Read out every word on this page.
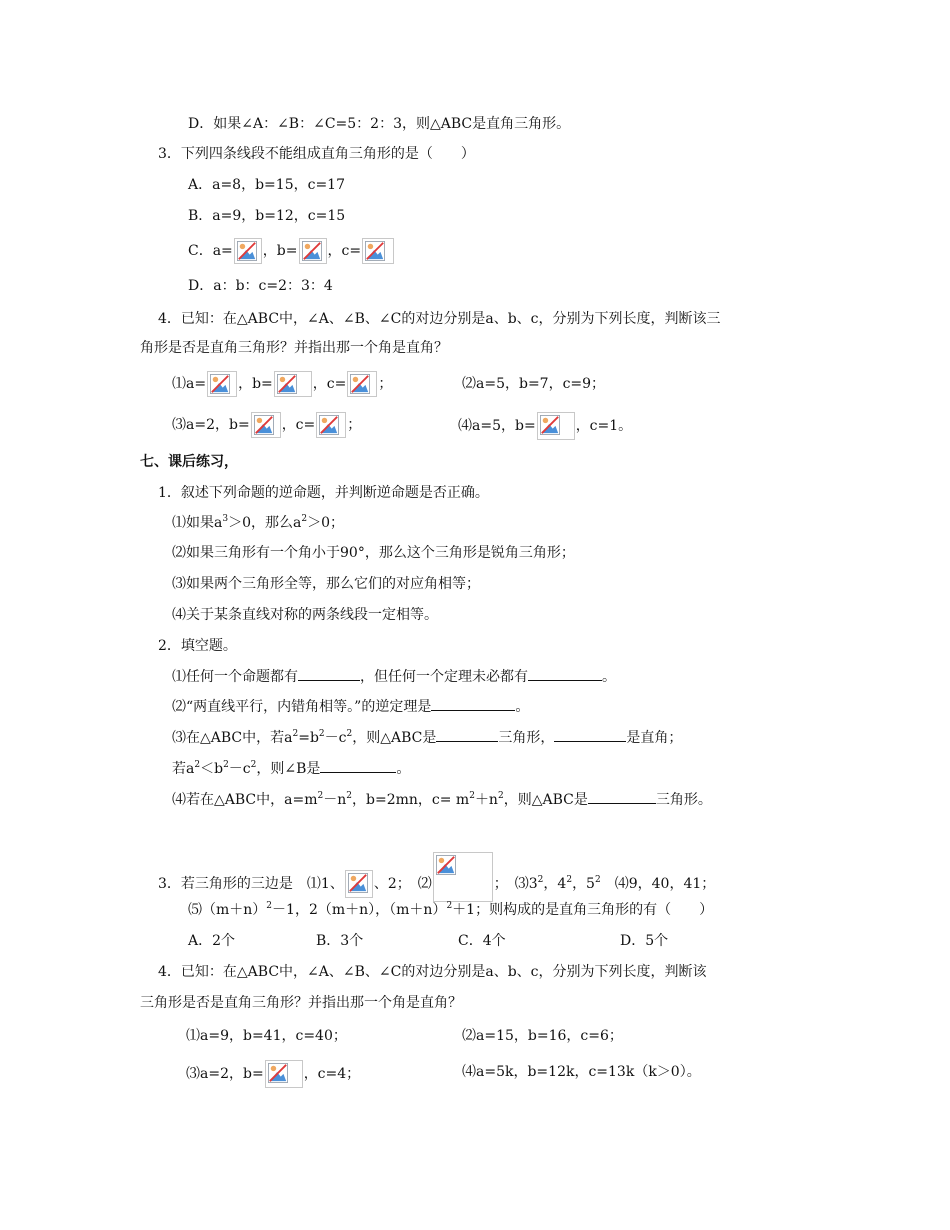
D．如果∠A：∠B：∠C=5：2：3，则△ABC是直角三角形。
3．下列四条线段不能组成直角三角形的是（　　）
A．a=8，b=15，c=17
B．a=9，b=12，c=15
C．a= ，b= ，c=
D．a：b：c=2：3：4
4．已知：在△ABC中，∠A、∠B、∠C的对边分别是a、b、c，分别为下列长度，判断该三
角形是否是直角三角形？并指出那一个角是直角？
⑴a= ，b=	，c= ；	⑵a=5，b=7，c=9；
⑶a=2，b= ，c= ；	⑷a=5，b=	，c=1。
七、课后练习，
1．叙述下列命题的逆命题，并判断逆命题是否正确。
⑴如果$a^3>0$，那么$a^2>0$；
⑵如果三角形有一个角小于90°，那么这个三角形是锐角三角形；
⑶如果两个三角形全等，那么它们的对应角相等；
⑷关于某条直线对称的两条线段一定相等。
2．填空题。
⑴任何一个命题都有	，但任何一个定理未必都有	。
⑵“两直线平行，内错角相等。”的逆定理是	。
⑶在△ABC中，若$a^2=b^2-c^2$，则△ABC是	三角形，	是直角；
若$a^2<b^2-c^2$，则∠B是	。
⑷若在△ABC中，$a=m^2-n^2$，b=2mn，$c= m^2+n^2$，则△ABC是	三角形。
3．若三角形的三边是　⑴1、 、2；　⑵	；　$⑶3^2$，$4^2$，$5^2$　⑷9，40，41；
$⑸(m+n)^2-1$，2（m＋n），$(m+n)^2+1$；则构成的是直角三角形的有（　　）
A．2个	B．3个	C．4个	D．5个
4．已知：在△ABC中，∠A、∠B、∠C的对边分别是a、b、c，分别为下列长度，判断该
三角形是否是直角三角形？并指出那一个角是直角？
⑴a=9，b=41，c=40；	⑵a=15，b=16，c=6；
⑶a=2，b=	，c=4；	⑷a=5k，b=12k，c=13k（k＞0）。
